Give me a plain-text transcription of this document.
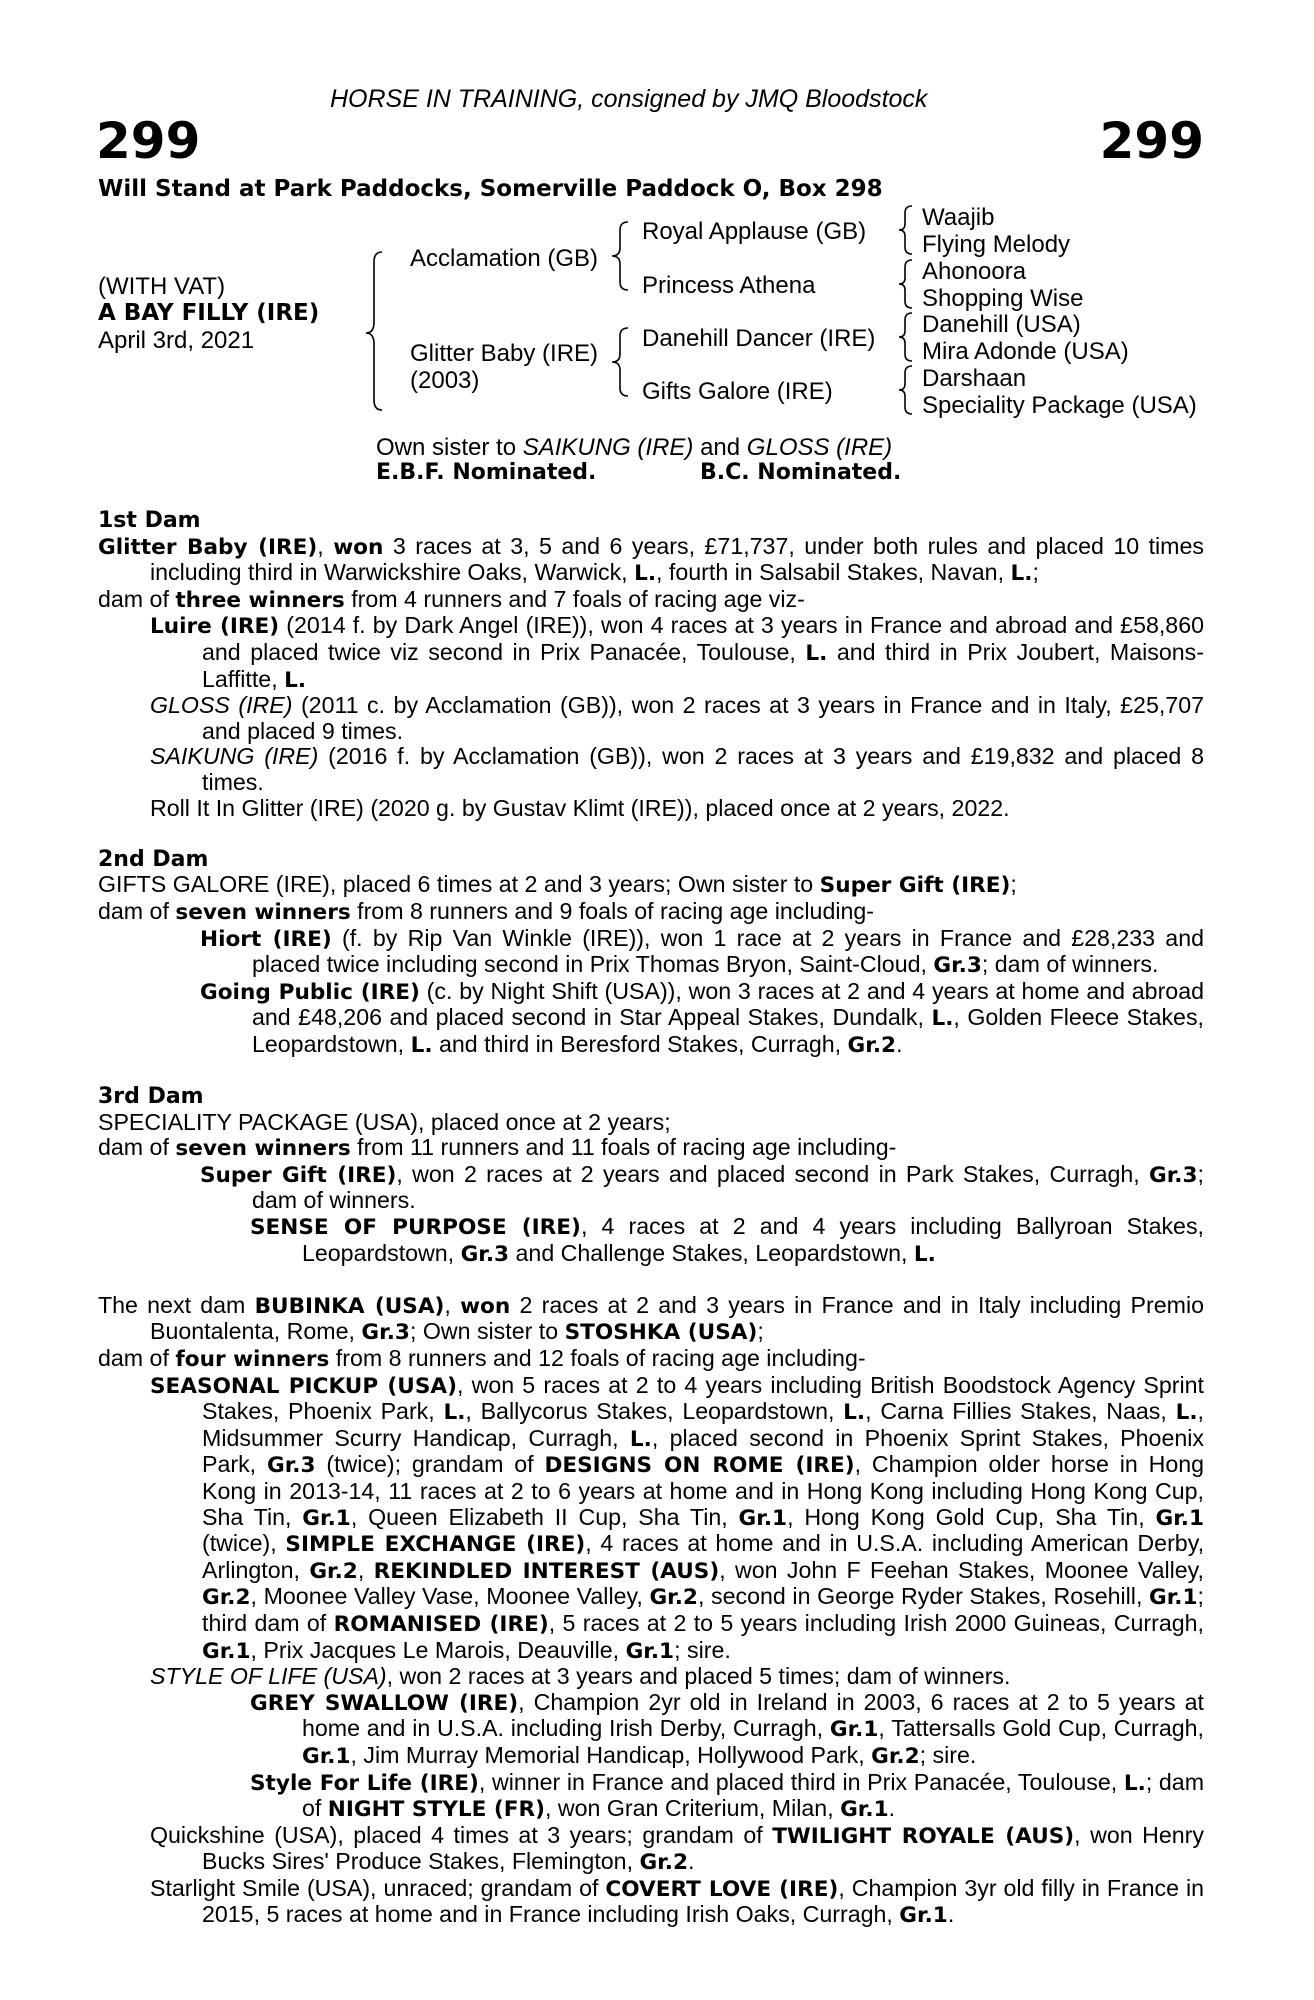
HORSE IN TRAINING, consigned by JMQ Bloodstock
299	299
Will Stand at Park Paddocks, Somerville Paddock O, Box 298
(WITH VAT)
A BAY FILLY (IRE)
April 3rd, 2021
Acclamation (GB)
Glitter Baby (IRE)
(2003)
Royal Applause (GB)
Princess Athena
Danehill Dancer (IRE)
Gifts Galore (IRE)
Waajib
Flying Melody
Ahonoora
Shopping Wise
Danehill (USA)
Mira Adonde (USA)
Darshaan
Speciality Package (USA)
Own sister to SAIKUNG (IRE) and GLOSS (IRE)
E.B.F. Nominated.	B.C. Nominated.
1st Dam
Glitter Baby (IRE), won 3 races at 3, 5 and 6 years, £71,737, under both rules and placed 10 times including third in Warwickshire Oaks, Warwick, L., fourth in Salsabil Stakes, Navan, L.;
dam of three winners from 4 runners and 7 foals of racing age viz-
Luire (IRE) (2014 f. by Dark Angel (IRE)), won 4 races at 3 years in France and abroad and £58,860 and placed twice viz second in Prix Panacée, Toulouse, L. and third in Prix Joubert, Maisons-Laffitte, L.
GLOSS (IRE) (2011 c. by Acclamation (GB)), won 2 races at 3 years in France and in Italy, £25,707 and placed 9 times.
SAIKUNG (IRE) (2016 f. by Acclamation (GB)), won 2 races at 3 years and £19,832 and placed 8 times.
Roll It In Glitter (IRE) (2020 g. by Gustav Klimt (IRE)), placed once at 2 years, 2022.
2nd Dam
GIFTS GALORE (IRE), placed 6 times at 2 and 3 years; Own sister to Super Gift (IRE);
dam of seven winners from 8 runners and 9 foals of racing age including-
Hiort (IRE) (f. by Rip Van Winkle (IRE)), won 1 race at 2 years in France and £28,233 and placed twice including second in Prix Thomas Bryon, Saint-Cloud, Gr.3; dam of winners.
Going Public (IRE) (c. by Night Shift (USA)), won 3 races at 2 and 4 years at home and abroad and £48,206 and placed second in Star Appeal Stakes, Dundalk, L., Golden Fleece Stakes, Leopardstown, L. and third in Beresford Stakes, Curragh, Gr.2.
3rd Dam
SPECIALITY PACKAGE (USA), placed once at 2 years;
dam of seven winners from 11 runners and 11 foals of racing age including-
Super Gift (IRE), won 2 races at 2 years and placed second in Park Stakes, Curragh, Gr.3; dam of winners.
SENSE OF PURPOSE (IRE), 4 races at 2 and 4 years including Ballyroan Stakes, Leopardstown, Gr.3 and Challenge Stakes, Leopardstown, L.
The next dam BUBINKA (USA), won 2 races at 2 and 3 years in France and in Italy including Premio Buontalenta, Rome, Gr.3; Own sister to STOSHKA (USA);
dam of four winners from 8 runners and 12 foals of racing age including-
SEASONAL PICKUP (USA), won 5 races at 2 to 4 years including British Boodstock Agency Sprint Stakes, Phoenix Park, L., Ballycorus Stakes, Leopardstown, L., Carna Fillies Stakes, Naas, L., Midsummer Scurry Handicap, Curragh, L., placed second in Phoenix Sprint Stakes, Phoenix Park, Gr.3 (twice); grandam of DESIGNS ON ROME (IRE), Champion older horse in Hong Kong in 2013-14, 11 races at 2 to 6 years at home and in Hong Kong including Hong Kong Cup, Sha Tin, Gr.1, Queen Elizabeth II Cup, Sha Tin, Gr.1, Hong Kong Gold Cup, Sha Tin, Gr.1 (twice), SIMPLE EXCHANGE (IRE), 4 races at home and in U.S.A. including American Derby, Arlington, Gr.2, REKINDLED INTEREST (AUS), won John F Feehan Stakes, Moonee Valley, Gr.2, Moonee Valley Vase, Moonee Valley, Gr.2, second in George Ryder Stakes, Rosehill, Gr.1; third dam of ROMANISED (IRE), 5 races at 2 to 5 years including Irish 2000 Guineas, Curragh, Gr.1, Prix Jacques Le Marois, Deauville, Gr.1; sire.
STYLE OF LIFE (USA), won 2 races at 3 years and placed 5 times; dam of winners.
GREY SWALLOW (IRE), Champion 2yr old in Ireland in 2003, 6 races at 2 to 5 years at home and in U.S.A. including Irish Derby, Curragh, Gr.1, Tattersalls Gold Cup, Curragh, Gr.1, Jim Murray Memorial Handicap, Hollywood Park, Gr.2; sire.
Style For Life (IRE), winner in France and placed third in Prix Panacée, Toulouse, L.; dam of NIGHT STYLE (FR), won Gran Criterium, Milan, Gr.1.
Quickshine (USA), placed 4 times at 3 years; grandam of TWILIGHT ROYALE (AUS), won Henry Bucks Sires' Produce Stakes, Flemington, Gr.2.
Starlight Smile (USA), unraced; grandam of COVERT LOVE (IRE), Champion 3yr old filly in France in 2015, 5 races at home and in France including Irish Oaks, Curragh, Gr.1.
